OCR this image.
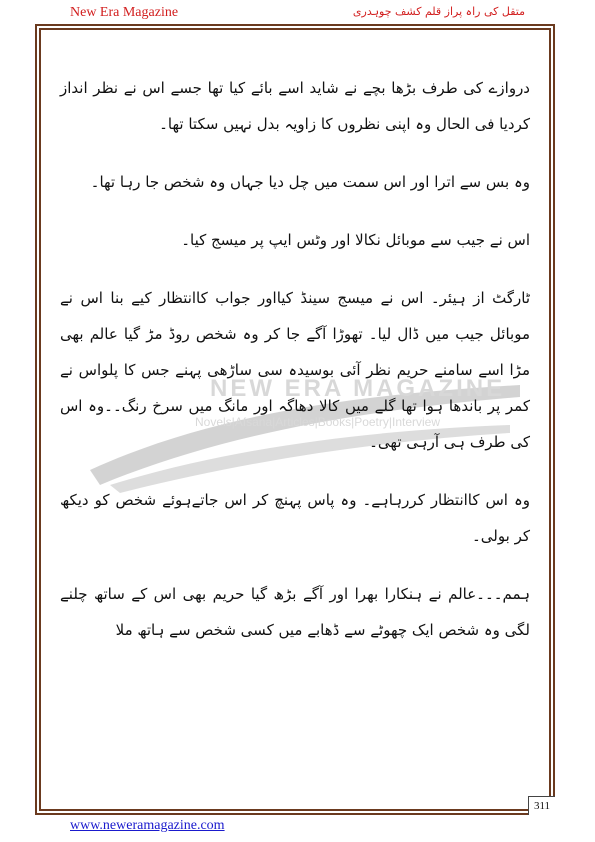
New Era Magazine	متقل کی راہ پراز قلم کشف چوہدری
NEW ERA MAGAZINE
Novels|Afsana|Articles|Books|Poetry|Interview

دروازے کی طرف بڑھا بچے نے شاید اسے بائے کیا تھا جسے اس نے نظر انداز کردیا فی الحال وہ اپنی نظروں کا زاویہ بدل نہیں سکتا تھا۔

وہ بس سے اترا اور اس سمت میں چل دیا جہاں وہ شخص جا رہا تھا۔

اس نے جیب سے موبائل نکالا اور وٹس ایپ پر میسج کیا۔

ٹارگٹ از ہیئر۔ اس نے میسج سینڈ کیااور جواب کاانتظار کیے بنا اس نے موبائل جیب میں ڈال لیا۔ تھوڑا آگے جا کر وہ شخص روڈ مڑ گیا عالم بھی مڑا اسے سامنے حریم نظر آئی بوسیدہ سی ساڑھی پہنے جس کا پلواس نے کمر پر باندھا ہوا تھا گلے میں کالا دھاگہ اور مانگ میں سرخ رنگ۔۔وہ اس کی طرف ہی آرہی تھی۔

وہ اس کاانتظار کررہاہے۔ وہ پاس پہنچ کر اس جاتےہوئے شخص کو دیکھ کر بولی۔

ہمم۔۔۔عالم نے ہنکارا بھرا اور آگے بڑھ گیا حریم بھی اس کے ساتھ چلنے لگی وہ شخص ایک چھوٹے سے ڈھابے میں کسی شخص سے ہاتھ ملا

311
www.neweramagazine.com
